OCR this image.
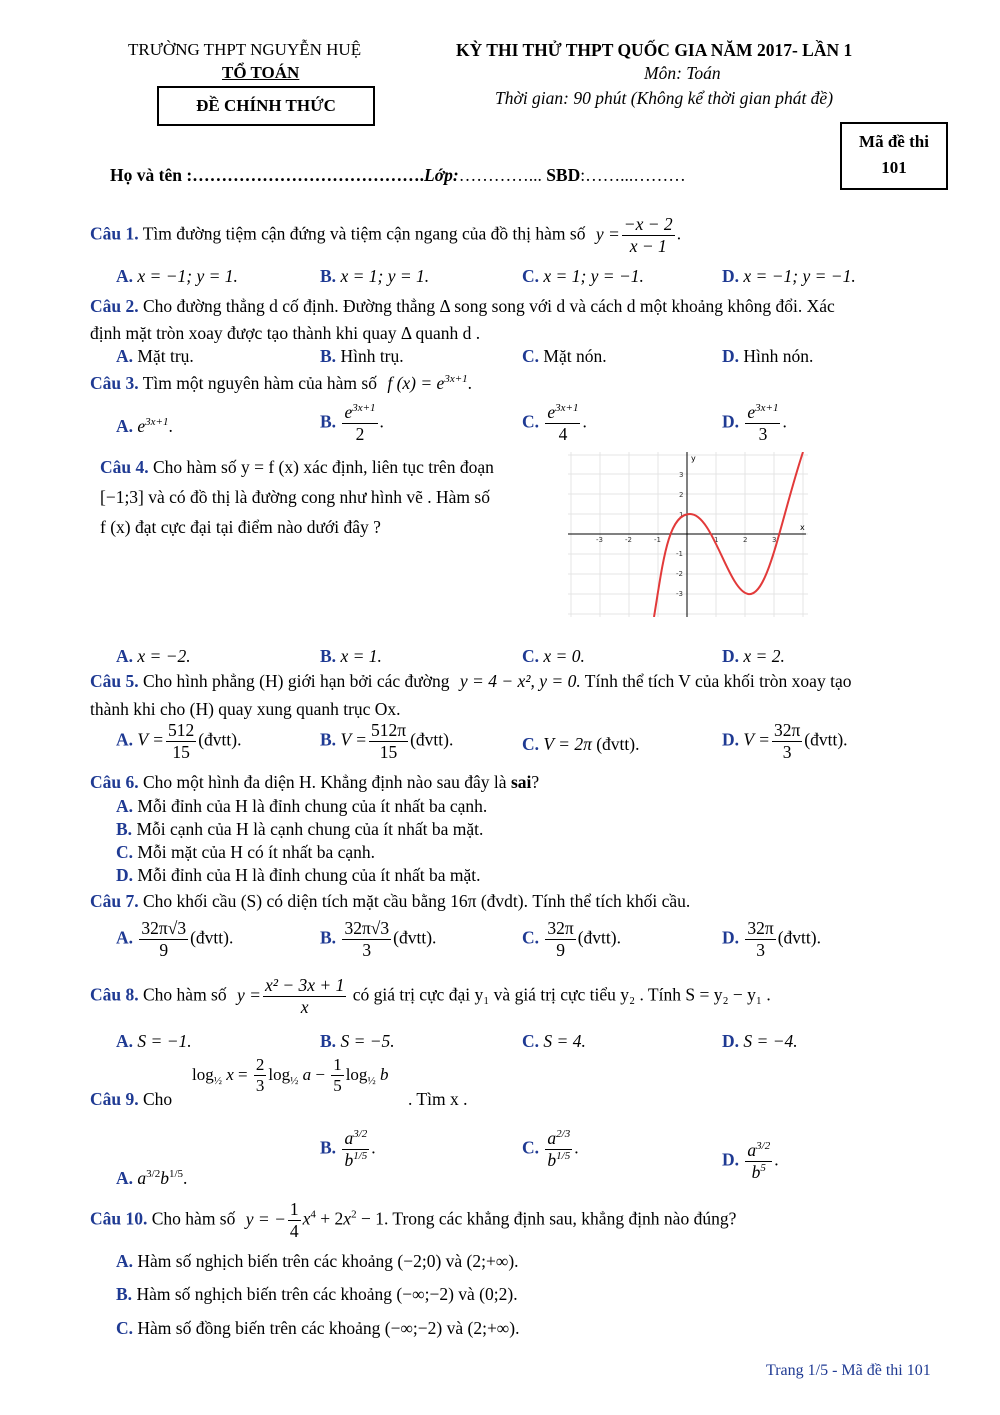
TRƯỜNG THPT NGUYỄN HUỆ
TỔ TOÁN
ĐỀ CHÍNH THỨC
KỲ THI THỬ THPT QUỐC GIA NĂM 2017- LẦN 1
Môn: Toán
Thời gian: 90 phút (Không kể thời gian phát đề)
Mã đề thi
101
Họ và tên :………………………………….Lớp:…………... SBD:……...………
Câu 1. Tìm đường tiệm cận đứng và tiệm cận ngang của đồ thị hàm số $y = \frac{-x - 2}{x - 1}$ .
A. x = −1; y = 1.	B. x = 1; y = 1.	C. x = 1; y = −1.	D. x = −1; y = −1.
Câu 2. Cho đường thẳng d cố định. Đường thẳng Δ song song với d và cách d một khoảng không đổi. Xác
định mặt tròn xoay được tạo thành khi quay Δ quanh d .
A. Mặt trụ.	B. Hình trụ.	C. Mặt nón.	D. Hình nón.
Câu 3. Tìm một nguyên hàm của hàm số f $(x) = e^{3x+1}$.
A. $e^{3x+1}$.	B. $\frac{e^{3x+1}}{2}$ .	C. $\frac{e^{3x+1}}{4}$ .	D. $\frac{e^{3x+1}}{3}$ .
Câu 4. Cho hàm số y = f (x) xác định, liên tục trên đoạn
[−1;3] và có đồ thị là đường cong như hình vẽ . Hàm số
f (x) đạt cực đại tại điểm nào dưới đây ?
y
x
-3	-2	-1	1	2	3
3
2
1
-1
-2
-3
A. x = −2.	B. x = 1.	C. x = 0.	D. x = 2.
Câu 5. Cho hình phẳng (H) giới hạn bởi các đường y = 4 − x², y = 0. Tính thể tích V của khối tròn xoay tạo
thành khi cho (H) quay xung quanh trục Ox.
A. $V = \frac{512}{15}$ (đvtt).	B. $V = \frac{512\pi}{15}$ (đvtt).	C. V = 2π (đvtt).	D. $V = \frac{32\pi}{3}$ (đvtt).
Câu 6. Cho một hình đa diện H. Khẳng định nào sau đây là sai?
A. Mỗi đỉnh của H là đỉnh chung của ít nhất ba cạnh.
B. Mỗi cạnh của H là cạnh chung của ít nhất ba mặt.
C. Mỗi mặt của H có ít nhất ba cạnh.
D. Mỗi đỉnh của H là đỉnh chung của ít nhất ba mặt.
Câu 7. Cho khối cầu (S) có diện tích mặt cầu bằng 16π (đvdt). Tính thể tích khối cầu.
A. $\frac{32\pi√3}{9}$ (đvtt).	B. $\frac{32\pi√3}{3}$ (đvtt).	C. $\frac{32\pi}{9}$ (đvtt).	D. $\frac{32\pi}{3}$ (đvtt).
Câu 8. Cho hàm số $y = \frac{\text{x² − 3x + 1}}{x}$ có giá trị cực đại y₁ và giá trị cực tiểu y₂ . Tính S = y₂ − y₁ .
A. S = −1.	B. S = −5.	C. S = 4.	D. S = −4.
Câu 9. Cho
$\log_{\frac{1}{2}} x = \frac{2}{3} \log_{\frac{1}{2}} a - \frac{1}{5} \log_{\frac{1}{2}} b$
. Tìm x .
A. $a^{3/2}b^{1/5}$.
B. $\frac{a^{3/2}}{b^{1/5}}$ .	C. $\frac{a^{2/3}}{b^{1/5}}$ .
D. $\frac{a^{3/2}}{b^5}$ .
Câu 10. Cho hàm số y = − $\frac{1}{4} x^4 + 2x^2 - 1$. Trong các khẳng định sau, khẳng định nào đúng?
A. Hàm số nghịch biến trên các khoảng (−2;0) và (2;+∞).
B. Hàm số nghịch biến trên các khoảng (−∞;−2) và (0;2).
C. Hàm số đồng biến trên các khoảng (−∞;−2) và (2;+∞).
Trang 1/5 - Mã đề thi 101
